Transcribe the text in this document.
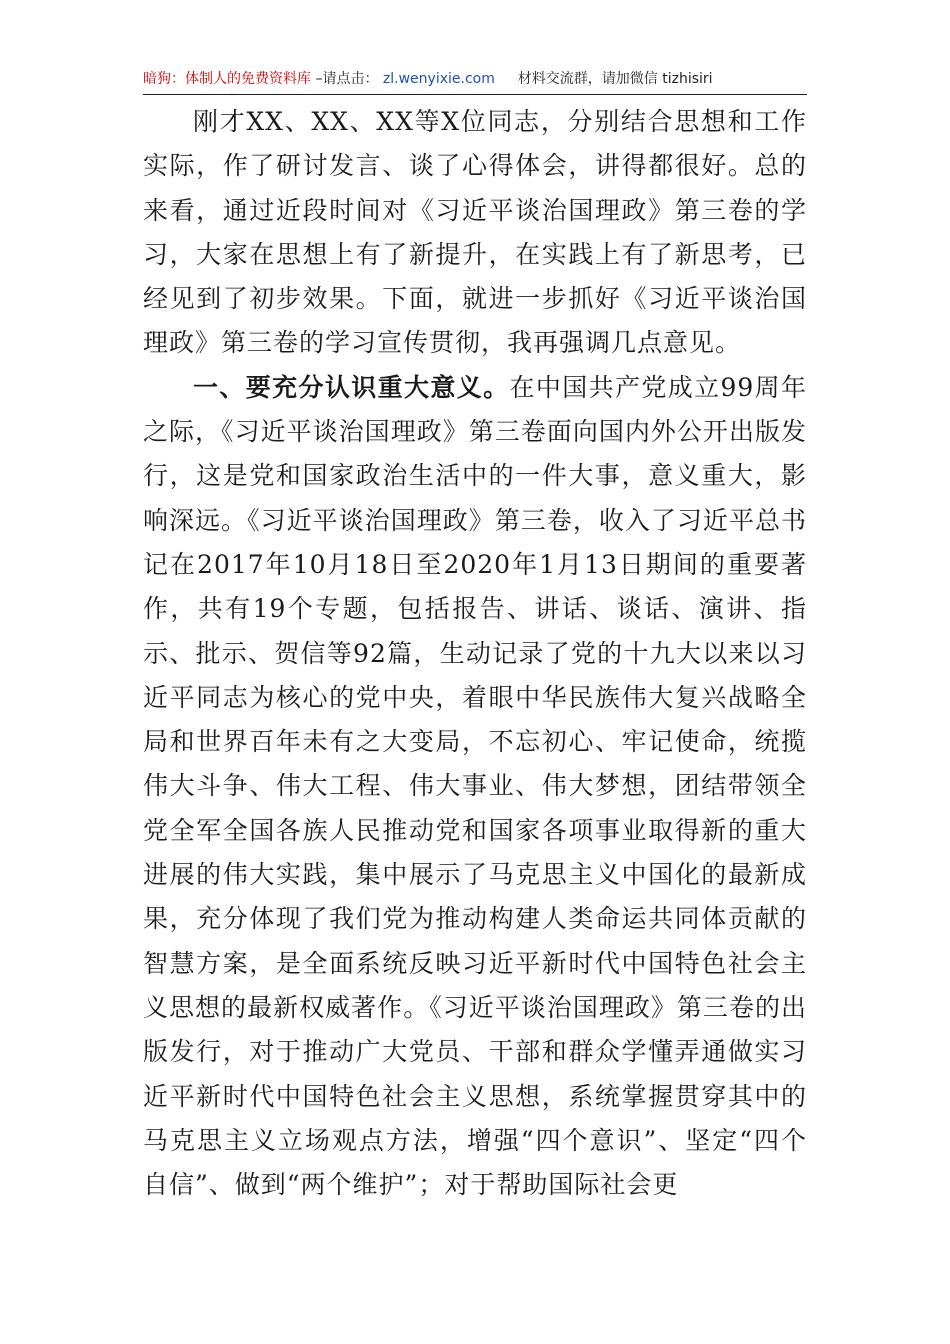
暗狗：体制人的免费资料库 –请点击： zl.wenyixie.com 材料交流群，请加微信 tizhisiri

刚才XX、XX、XX等X位同志，分别结合思想和工作实际，作了研讨发言、谈了心得体会，讲得都很好。总的来看，通过近段时间对《习近平谈治国理政》第三卷的学习，大家在思想上有了新提升，在实践上有了新思考，已经见到了初步效果。下面，就进一步抓好《习近平谈治国理政》第三卷的学习宣传贯彻，我再强调几点意见。

一、要充分认识重大意义。在中国共产党成立99周年之际，《习近平谈治国理政》第三卷面向国内外公开出版发行，这是党和国家政治生活中的一件大事，意义重大，影响深远。《习近平谈治国理政》第三卷，收入了习近平总书记在2017年10月18日至2020年1月13日期间的重要著作，共有19个专题，包括报告、讲话、谈话、演讲、指示、批示、贺信等92篇，生动记录了党的十九大以来以习近平同志为核心的党中央，着眼中华民族伟大复兴战略全局和世界百年未有之大变局，不忘初心、牢记使命，统揽伟大斗争、伟大工程、伟大事业、伟大梦想，团结带领全党全军全国各族人民推动党和国家各项事业取得新的重大进展的伟大实践，集中展示了马克思主义中国化的最新成果，充分体现了我们党为推动构建人类命运共同体贡献的智慧方案，是全面系统反映习近平新时代中国特色社会主义思想的最新权威著作。《习近平谈治国理政》第三卷的出版发行，对于推动广大党员、干部和群众学懂弄通做实习近平新时代中国特色社会主义思想，系统掌握贯穿其中的马克思主义立场观点方法，增强“四个意识”、坚定“四个自信”、做到“两个维护”；对于帮助国际社会更
